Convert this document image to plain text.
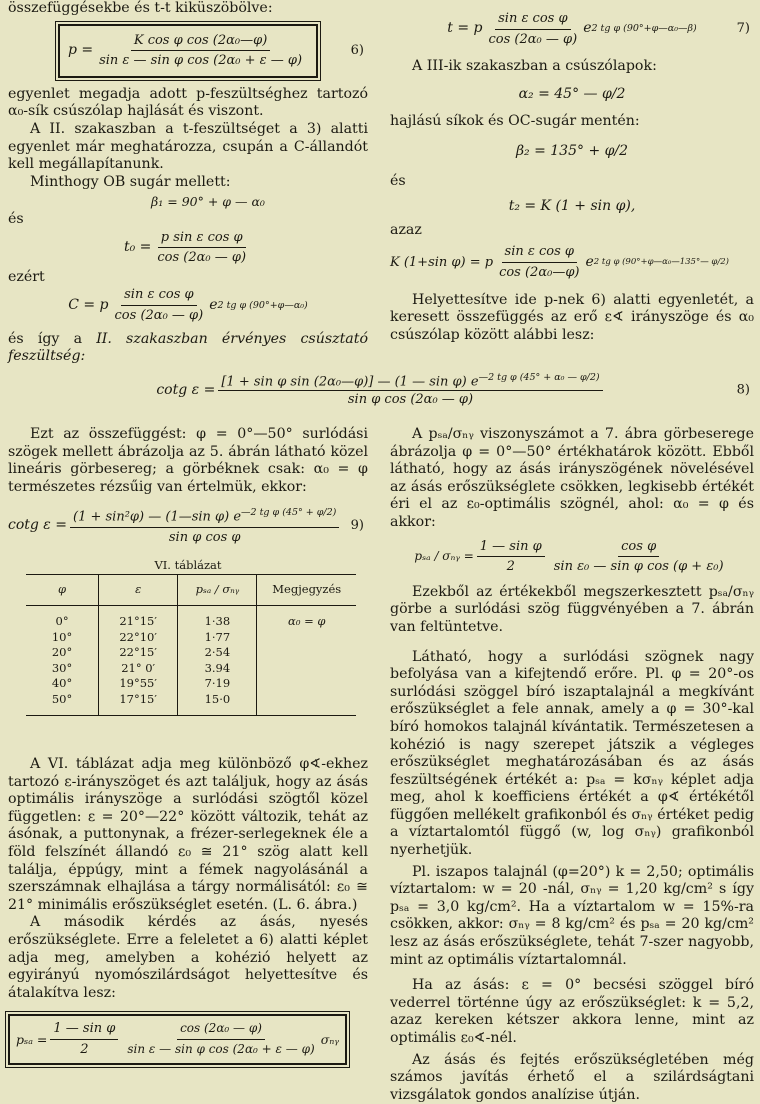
összefüggésekbe és t-t kiküszöbölve:

$p = \frac{\text{K cos φ cos (2α₀—φ)}}{\text{sin ε — sin φ cos (2α₀ + ε — φ)}}$	6)

egyenlet megadja adott p-feszültséghez tartozó α₀-sík csúszólap hajlását és viszont.

A II. szakaszban a t-feszültséget a 3) alatti egyenlet már meghatározza, csupán a C-állandót kell megállapítanunk.

Minthogy OB sugár mellett:

β₁ = 90° + φ — α₀

és

$t_0 = \frac{\text{p sin ε cos φ}}{\text{cos (2α₀ — φ)}}$

ezért

C = p $\frac{\text{sin ε cos φ}}{\text{cos (2α₀ — φ)}}$ e 2 tg φ (90°+φ—α₀)

és így a II. szakaszban érvényes csúsztató feszültség:

t = p $\frac{\text{sin ε cos φ}}{\text{cos (2α₀ — φ)}}$ e 2 tg φ (90°+φ—α₀—β)	7)

A III-ik szakaszban a csúszólapok:

α₂ = 45° — φ/2

hajlású síkok és OC-sugár mentén:

β₂ = 135° + φ/2

és

t₂ = K (1 + sin φ),

azaz

K (1+sin φ) = p $\frac{\text{sin ε cos φ}}{\text{cos (2α₀—φ)}}$ e 2 tg φ (90°+φ—α₀—135°— φ/2)

Helyettesítve ide p-nek 6) alatti egyenletét, a keresett összefüggés az erő ε∢ irányszöge és α₀ csúszólap között alábbi lesz:

cotg ε = [1 + sin φ sin (2α₀—φ)] — (1 — sin φ) $e^{—2 tg \varphi (45^\circ + \alpha_0 — \varphi/2)}$
sin φ cos (2α₀ — φ)
8)

Ezt az összefüggést: φ = 0°—50° surlódási szögek mellett ábrázolja az 5. ábrán látható közel lineáris görbesereg; a görbéknek csak: α₀ = φ természetes rézsűig van értelmük, ekkor:

cotg $\varepsilon = \frac{(1 + \sin^2\varphi) — (1—\sin \varphi) e^{—2 tg \varphi (45^\circ + \varphi/2)}}{\text{sin φ cos φ}} 9$)
VI. táblázat
φ	ε	pₛₐ / σₙᵧ	Megjegyzés
0°	21°15′	1·38	α₀ = φ
10°	22°10′	1·77	
20°	22°15′	2·54	
30°	21° 0′	3.94	
40°	19°55′	7·19	
50°	17°15′	15·0	

A VI. táblázat adja meg különböző φ∢-ekhez tartozó ε-irányszöget és azt találjuk, hogy az ásás optimális irányszöge a surlódási szögtől közel független: ε = 20°—22° között változik, tehát az ásónak, a puttonynak, a frézer-serlegeknek éle a föld felszínét állandó ε₀ ≅ 21° szög alatt kell találja, éppúgy, mint a fémek nagyolásánál a szerszámnak elhajlása a tárgy normálisától: ε₀ ≅ 21° minimális erőszükséglet esetén. (L. 6. ábra.)

A második kérdés az ásás, nyesés erőszükséglete. Erre a feleletet a 6) alatti képlet adja meg, amelyben a kohézió helyett az egyirányú nyomószilárdságot helyettesítve és átalakítva lesz:

$p_{sa} = \frac{\text{1 — sin φ}}{2} \frac{\text{cos (2α₀ — φ)}}{\text{sin ε — sin φ cos (2α₀ + ε — φ)}}$ σₙᵧ

A pₛₐ/σₙᵧ viszonyszámot a 7. ábra görbeserege ábrázolja φ = 0°—50° értékhatárok között. Ebből látható, hogy az ásás irányszögének növelésével az ásás erőszükséglete csökken, legkisebb értékét éri el az ε₀-optimális szögnél, ahol: α₀ = φ és akkor:

pₛₐ / σₙᵧ = $\frac{\text{1 — sin φ}}{2} \frac{\text{cos φ}}{\text{sin ε₀ — sin φ cos (φ + ε₀)}}$

Ezekből az értékekből megszerkesztett pₛₐ/σₙᵧ görbe a surlódási szög függvényében a 7. ábrán van feltüntetve.

Látható, hogy a surlódási szögnek nagy befolyása van a kifejtendő erőre. Pl. φ = 20°-os surlódási szöggel bíró iszaptalajnál a megkívánt erőszükséglet a fele annak, amely a φ = 30°-kal bíró homokos talajnál kívántatik. Természetesen a kohézió is nagy szerepet játszik a végleges erőszükséglet meghatározásában és az ásás feszültségének értékét a: pₛₐ = kσₙᵧ képlet adja meg, ahol k koefficiens értékét a φ∢ értékétől függően mellékelt grafikonból és σₙᵧ értéket pedig a víztartalomtól függő (w, log σₙᵧ) grafikonból nyerhetjük.

Pl. iszapos talajnál (φ=20°) k = 2,50; optimális víztartalom: w = 20 -nál, σₙᵧ = 1,20 kg/cm² s így pₛₐ = 3,0 kg/cm². Ha a víztartalom w = 15%-ra csökken, akkor: σₙᵧ = 8 kg/cm² és pₛₐ = 20 kg/cm² lesz az ásás erőszükséglete, tehát 7-szer nagyobb, mint az optimális víztartalomnál.

Ha az ásás: ε = 0° becsési szöggel bíró vederrel történne úgy az erőszükséglet: k = 5,2, azaz kereken kétszer akkora lenne, mint az optimális ε₀∢-nél.

Az ásás és fejtés erőszükségletében még számos javítás érhető el a szilárdságtani vizsgálatok gondos analízise útján.
